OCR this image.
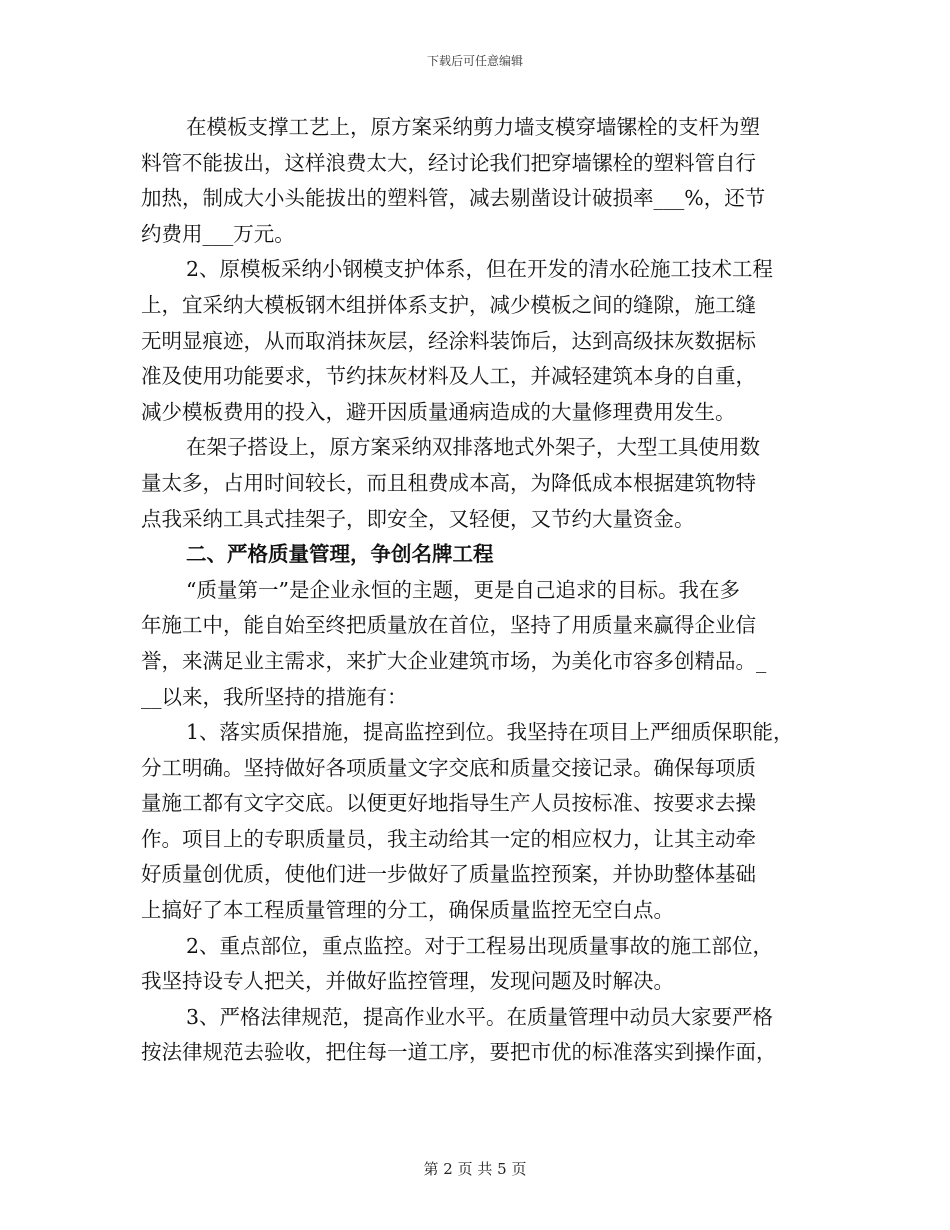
下载后可任意编辑
在模板支撑工艺上，原方案采纳剪力墙支模穿墙镙栓的支杆为塑
料管不能拔出，这样浪费太大，经讨论我们把穿墙镙栓的塑料管自行
加热，制成大小头能拔出的塑料管，减去剔凿设计破损率___%，还节
约费用___万元。
2、原模板采纳小钢模支护体系，但在开发的清水砼施工技术工程
上，宜采纳大模板钢木组拼体系支护，减少模板之间的缝隙，施工缝
无明显痕迹，从而取消抹灰层，经涂料装饰后，达到高级抹灰数据标
准及使用功能要求，节约抹灰材料及人工，并减轻建筑本身的自重，
减少模板费用的投入，避开因质量通病造成的大量修理费用发生。
在架子搭设上，原方案采纳双排落地式外架子，大型工具使用数
量太多，占用时间较长，而且租费成本高，为降低成本根据建筑物特
点我采纳工具式挂架子，即安全，又轻便，又节约大量资金。
二、严格质量管理，争创名牌工程
“质量第一”是企业永恒的主题，更是自己追求的目标。我在多
年施工中，能自始至终把质量放在首位，坚持了用质量来赢得企业信
誉，来满足业主需求，来扩大企业建筑市场，为美化市容多创精品。_
__以来，我所坚持的措施有：
1、落实质保措施，提高监控到位。我坚持在项目上严细质保职能，
分工明确。坚持做好各项质量文字交底和质量交接记录。确保每项质
量施工都有文字交底。以便更好地指导生产人员按标准、按要求去操
作。项目上的专职质量员，我主动给其一定的相应权力，让其主动牵
好质量创优质，使他们进一步做好了质量监控预案，并协助整体基础
上搞好了本工程质量管理的分工，确保质量监控无空白点。
2、重点部位，重点监控。对于工程易出现质量事故的施工部位，
我坚持设专人把关，并做好监控管理，发现问题及时解决。
3、严格法律规范，提高作业水平。在质量管理中动员大家要严格
按法律规范去验收，把住每一道工序，要把市优的标准落实到操作面，
第 2 页 共 5 页
